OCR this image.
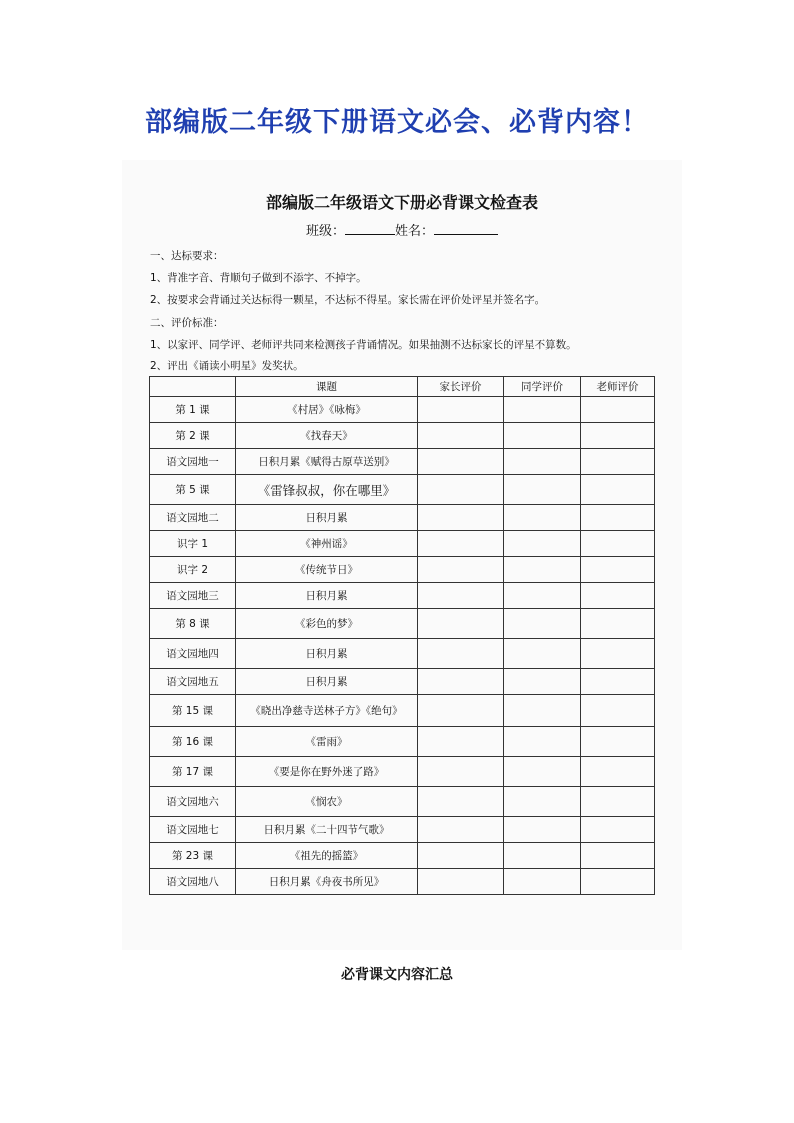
部编版二年级下册语文必会、必背内容！
部编版二年级语文下册必背课文检查表
班级：	姓名：
一、达标要求：
1、背准字音、背顺句子做到不添字、不掉字。
2、按要求会背诵过关达标得一颗星，不达标不得星。家长需在评价处评星并签名字。
二、评价标准：
1、以家评、同学评、老师评共同来检测孩子背诵情况。如果抽测不达标家长的评星不算数。
2、评出《诵读小明星》发奖状。
	课题	家长评价	同学评价	老师评价
第 1 课	《村居》《咏梅》			
第 2 课	《找春天》			
语文园地一	日积月累《赋得古原草送别》			
第 5 课	《雷锋叔叔，你在哪里》			
语文园地二	日积月累			
识字 1	《神州谣》			
识字 2	《传统节日》			
语文园地三	日积月累			
第 8 课	《彩色的梦》			
语文园地四	日积月累			
语文园地五	日积月累			
第 15 课	《晓出净慈寺送林子方》《绝句》			
第 16 课	《雷雨》			
第 17 课	《要是你在野外迷了路》			
语文园地六	《悯农》			
语文园地七	日积月累《二十四节气歌》			
第 23 课	《祖先的摇篮》			
语文园地八	日积月累《舟夜书所见》			
必背课文内容汇总
